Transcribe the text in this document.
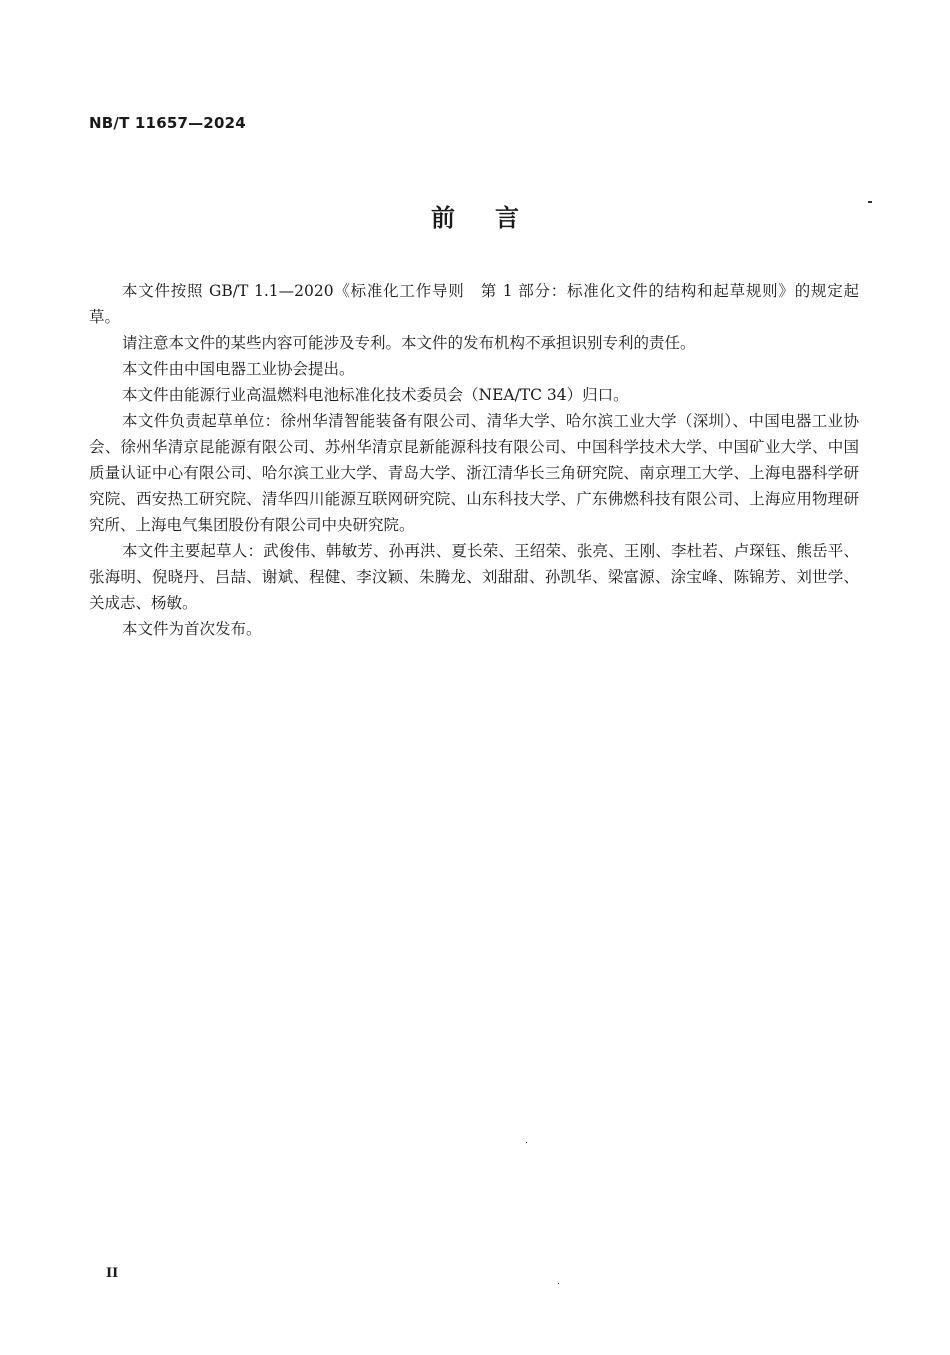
NB/T 11657—2024
前言

本文件按照 GB/T 1.1—2020《标准化工作导则　第 1 部分：标准化文件的结构和起草规则》的规定起草。

请注意本文件的某些内容可能涉及专利。本文件的发布机构不承担识别专利的责任。

本文件由中国电器工业协会提出。

本文件由能源行业高温燃料电池标准化技术委员会（NEA/TC 34）归口。

本文件负责起草单位：徐州华清智能装备有限公司、清华大学、哈尔滨工业大学（深圳）、中国电器工业协会、徐州华清京昆能源有限公司、苏州华清京昆新能源科技有限公司、中国科学技术大学、中国矿业大学、中国质量认证中心有限公司、哈尔滨工业大学、青岛大学、浙江清华长三角研究院、南京理工大学、上海电器科学研究院、西安热工研究院、清华四川能源互联网研究院、山东科技大学、广东佛燃科技有限公司、上海应用物理研究所、上海电气集团股份有限公司中央研究院。

本文件主要起草人：武俊伟、韩敏芳、孙再洪、夏长荣、王绍荣、张亮、王刚、李杜若、卢琛钰、熊岳平、张海明、倪晓丹、吕喆、谢斌、程健、李汶颖、朱腾龙、刘甜甜、孙凯华、梁富源、涂宝峰、陈锦芳、刘世学、关成志、杨敏。

本文件为首次发布。

II
